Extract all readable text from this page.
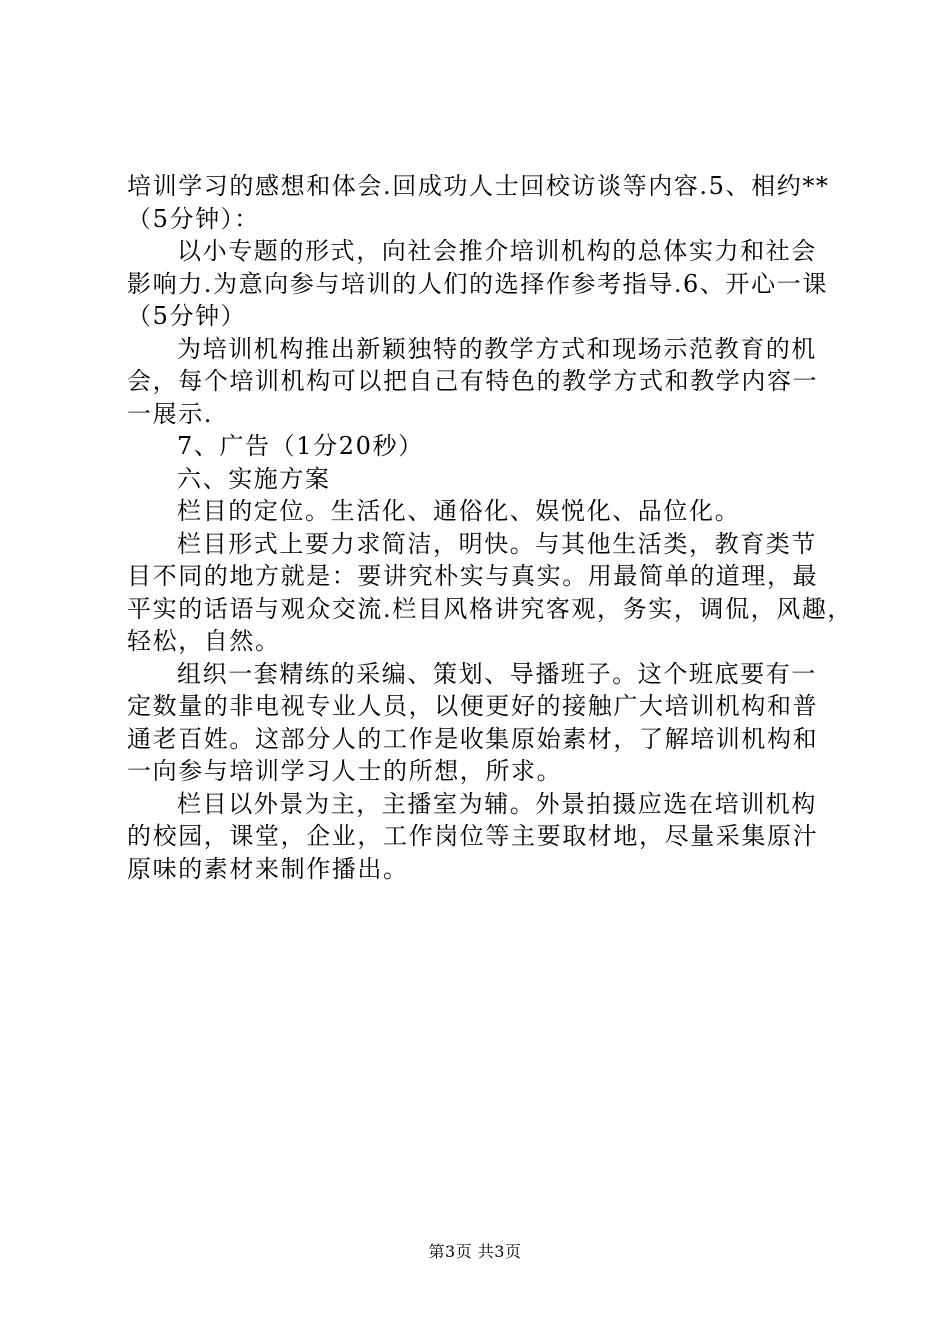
培训学习的感想和体会.回成功人士回校访谈等内容.5、相约**
（5分钟）：
以小专题的形式，向社会推介培训机构的总体实力和社会
影响力.为意向参与培训的人们的选择作参考指导.6、开心一课
（5分钟）
为培训机构推出新颖独特的教学方式和现场示范教育的机
会，每个培训机构可以把自己有特色的教学方式和教学内容一
一展示.
7、广告（1分20秒）
六、实施方案
栏目的定位。生活化、通俗化、娱悦化、品位化。
栏目形式上要力求简洁，明快。与其他生活类，教育类节
目不同的地方就是：要讲究朴实与真实。用最简单的道理，最
平实的话语与观众交流.栏目风格讲究客观，务实，调侃，风趣，
轻松，自然。
组织一套精练的采编、策划、导播班子。这个班底要有一
定数量的非电视专业人员，以便更好的接触广大培训机构和普
通老百姓。这部分人的工作是收集原始素材，了解培训机构和
一向参与培训学习人士的所想，所求。
栏目以外景为主，主播室为辅。外景拍摄应选在培训机构
的校园，课堂，企业，工作岗位等主要取材地，尽量采集原汁
原味的素材来制作播出。
第3页 共3页
